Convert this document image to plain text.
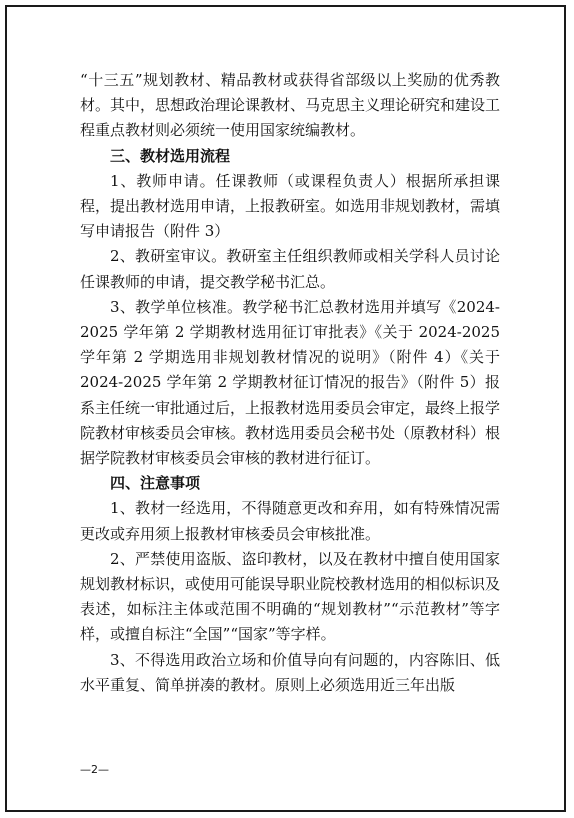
“十三五”规划教材、精品教材或获得省部级以上奖励的优秀教材。其中，思想政治理论课教材、马克思主义理论研究和建设工程重点教材则必须统一使用国家统编教材。

三、教材选用流程

1、教师申请。任课教师（或课程负责人）根据所承担课程，提出教材选用申请，上报教研室。如选用非规划教材，需填写申请报告（附件 3）

2、教研室审议。教研室主任组织教师或相关学科人员讨论任课教师的申请，提交教学秘书汇总。

3、教学单位核准。教学秘书汇总教材选用并填写《2024-2025 学年第 2 学期教材选用征订审批表》《关于 2024-2025 学年第 2 学期选用非规划教材情况的说明》（附件 4）《关于 2024-2025 学年第 2 学期教材征订情况的报告》（附件 5）报系主任统一审批通过后，上报教材选用委员会审定，最终上报学院教材审核委员会审核。教材选用委员会秘书处（原教材科）根据学院教材审核委员会审核的教材进行征订。

四、注意事项

1、教材一经选用，不得随意更改和弃用，如有特殊情况需更改或弃用须上报教材审核委员会审核批准。

2、严禁使用盗版、盗印教材，以及在教材中擅自使用国家规划教材标识，或使用可能误导职业院校教材选用的相似标识及表述，如标注主体或范围不明确的“规划教材”“示范教材”等字样，或擅自标注“全国”“国家”等字样。

3、不得选用政治立场和价值导向有问题的，内容陈旧、低水平重复、简单拼凑的教材。原则上必须选用近三年出版

—2—
